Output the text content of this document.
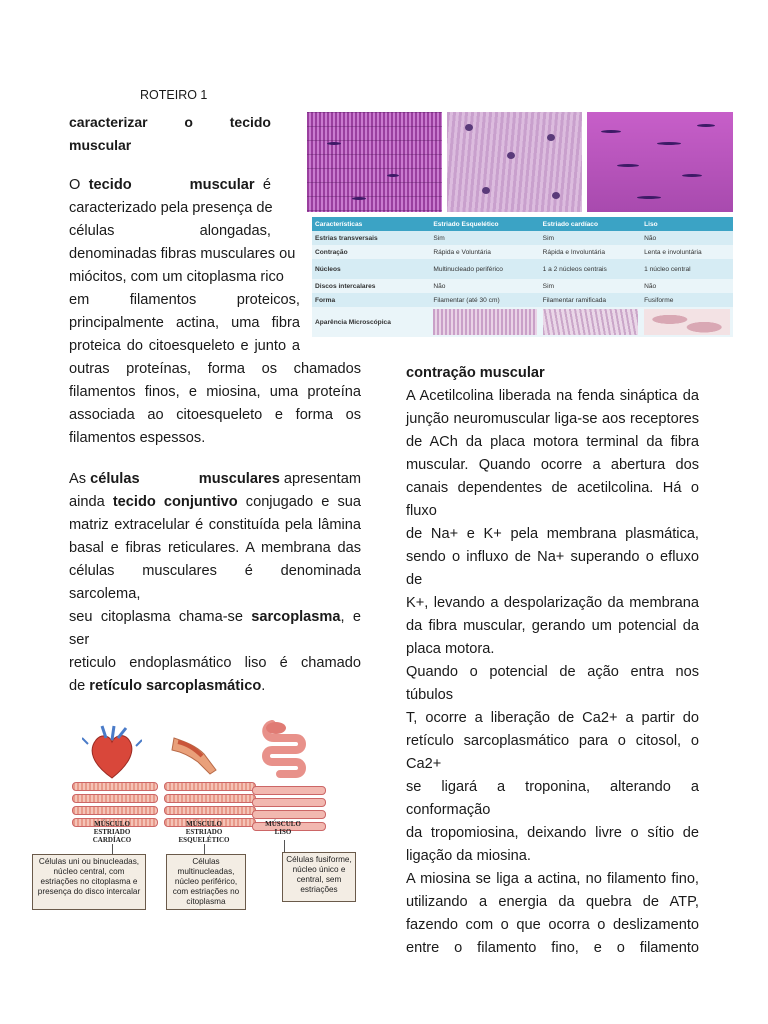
ROTEIRO 1
caracterizar	o	tecido
muscular
O tecido	muscular é
caracterizado pela presença de
células	alongadas,
denominadas fibras musculares ou
miócitos, com um citoplasma rico
em	filamentos	proteicos,
principalmente actina, uma fibra
proteica do citoesqueleto e junto a
outras proteínas, forma os chamados
filamentos finos, e miosina, uma proteína
associada ao citoesqueleto e forma os
filamentos espessos.
As células	musculares apresentam
ainda tecido conjuntivo conjugado e sua
matriz extracelular é constituída pela lâmina
basal e fibras reticulares. A membrana das
células musculares é denominada sarcolema,
seu citoplasma chama-se sarcoplasma, e ser
reticulo endoplasmático liso é chamado
de retículo sarcoplasmático.
Características	Estriado Esquelético	Estriado cardíaco	Liso
Estrias transversais	Sim	Sim	Não
Contração	Rápida e Voluntária	Rápida e Involuntária	Lenta e involuntária
Núcleos	Multinucleado periférico	1 a 2 núcleos centrais	1 núcleo central
Discos intercalares	Não	Sim	Não
Forma	Filamentar (até 30 cm)	Filamentar ramificada	Fusiforme
Aparência Microscópica	

contração muscular
A Acetilcolina liberada na fenda sináptica da
junção neuromuscular liga-se aos receptores
de ACh da placa motora terminal da fibra
muscular. Quando ocorre a abertura dos
canais dependentes de acetilcolina. Há o fluxo
de Na+ e K+ pela membrana plasmática,
sendo o influxo de Na+ superando o efluxo de
K+, levando a despolarização da membrana
da fibra muscular, gerando um potencial da
placa motora.
Quando o potencial de ação entra nos túbulos
T, ocorre a liberação de Ca2+ a partir do
retículo sarcoplasmático para o citosol, o Ca2+
se ligará a troponina, alterando a conformação
da tropomiosina, deixando livre o sítio de
ligação da miosina.
A miosina se liga a actina, no filamento fino,
utilizando a energia da quebra de ATP,
fazendo com o que ocorra o deslizamento
entre o filamento fino, e o filamento
MÚSCULO ESTRIADO CARDÍACO
MÚSCULO ESTRIADO ESQUELÉTICO
MÚSCULO LISO
Células uni ou binucleadas, núcleo central, com estriações no citoplasma e presença do disco intercalar
Células multinucleadas, núcleo periférico, com estriações no citoplasma
Células fusiforme, núcleo único e central, sem estriações
